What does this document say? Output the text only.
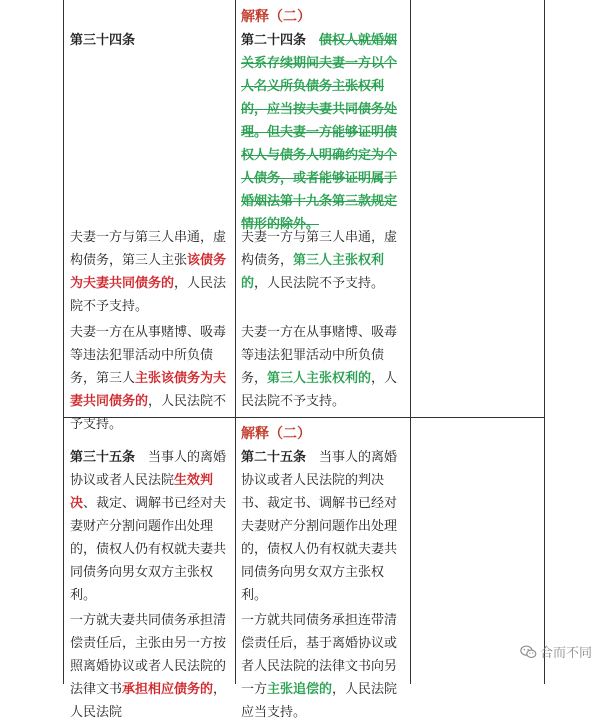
第三十四条

夫妻一方与第三人串通，虚构债务，第三人主张该债务为夫妻共同债务的，人民法院不予支持。

夫妻一方在从事赌博、吸毒等违法犯罪活动中所负债务，第三人主张该债务为夫妻共同债务的，人民法院不予支持。

解释（二）

第二十四条　 债权人就婚姻关系存续期间夫妻一方以个人名义所负债务主张权利的，应当按夫妻共同债务处理。但夫妻一方能够证明债权人与债务人明确约定为个人债务，或者能够证明属于婚姻法第十九条第三款规定情形的除外。

夫妻一方与第三人串通，虚构债务，第三人主张权利的，人民法院不予支持。

夫妻一方在从事赌博、吸毒等违法犯罪活动中所负债务，第三人主张权利的，人民法院不予支持。

第三十五条　当事人的离婚协议或者人民法院生效判决、裁定、调解书已经对夫妻财产分割问题作出处理的，债权人仍有权就夫妻共同债务向男女双方主张权利。

一方就夫妻共同债务承担清偿责任后，主张由另一方按照离婚协议或者人民法院的法律文书承担相应债务的，人民法院

解释（二）

第二十五条　当事人的离婚协议或者人民法院的判决书、裁定书、调解书已经对夫妻财产分割问题作出处理的，债权人仍有权就夫妻共同债务向男女双方主张权利。

一方就共同债务承担连带清偿责任后，基于离婚协议或者人民法院的法律文书向另一方主张追偿的，人民法院应当支持。

合而不同
